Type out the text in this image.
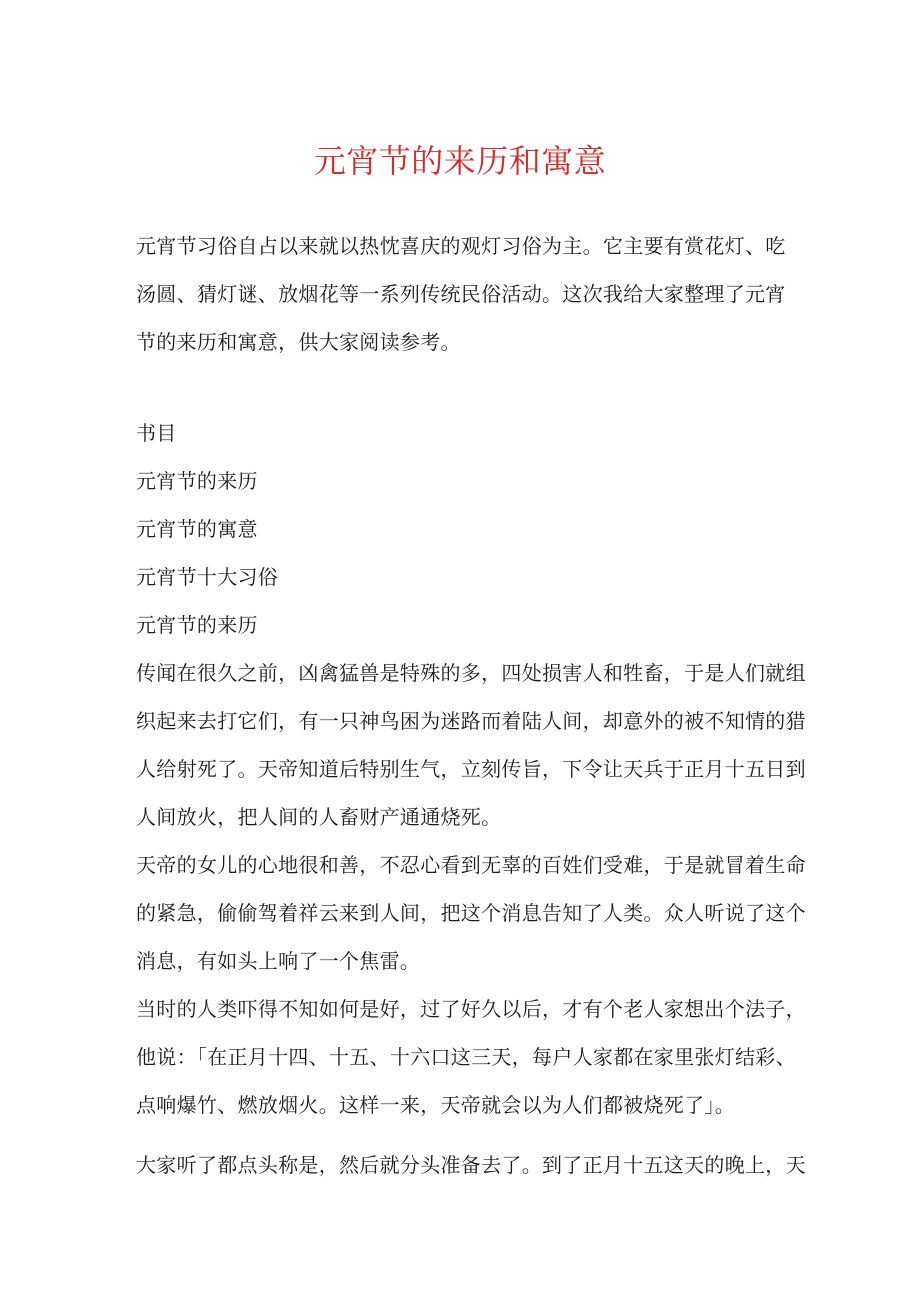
元宵节的来历和寓意
元宵节习俗自占以来就以热忱喜庆的观灯习俗为主。它主要有赏花灯、吃
汤圆、猜灯谜、放烟花等一系列传统民俗活动。这次我给大家整理了元宵
节的来历和寓意，供大家阅读参考。
书目
元宵节的来历
元宵节的寓意
元宵节十大习俗
元宵节的来历
传闻在很久之前，凶禽猛兽是特殊的多，四处损害人和牲畜，于是人们就组
织起来去打它们，有一只神鸟困为迷路而着陆人间，却意外的被不知情的猎
人给射死了。天帝知道后特别生气，立刻传旨，下令让天兵于正月十五日到
人间放火，把人间的人畜财产通通烧死。
天帝的女儿的心地很和善，不忍心看到无辜的百姓们受难，于是就冒着生命
的紧急，偷偷驾着祥云来到人间，把这个消息告知了人类。众人听说了这个
消息，有如头上响了一个焦雷。
当时的人类吓得不知如何是好，过了好久以后，才有个老人家想出个法子，
他说：「在正月十四、十五、十六口这三天，每户人家都在家里张灯结彩、
点响爆竹、燃放烟火。这样一来，天帝就会以为人们都被烧死了」。
大家听了都点头称是，然后就分头准备去了。到了正月十五这天的晚上，天
